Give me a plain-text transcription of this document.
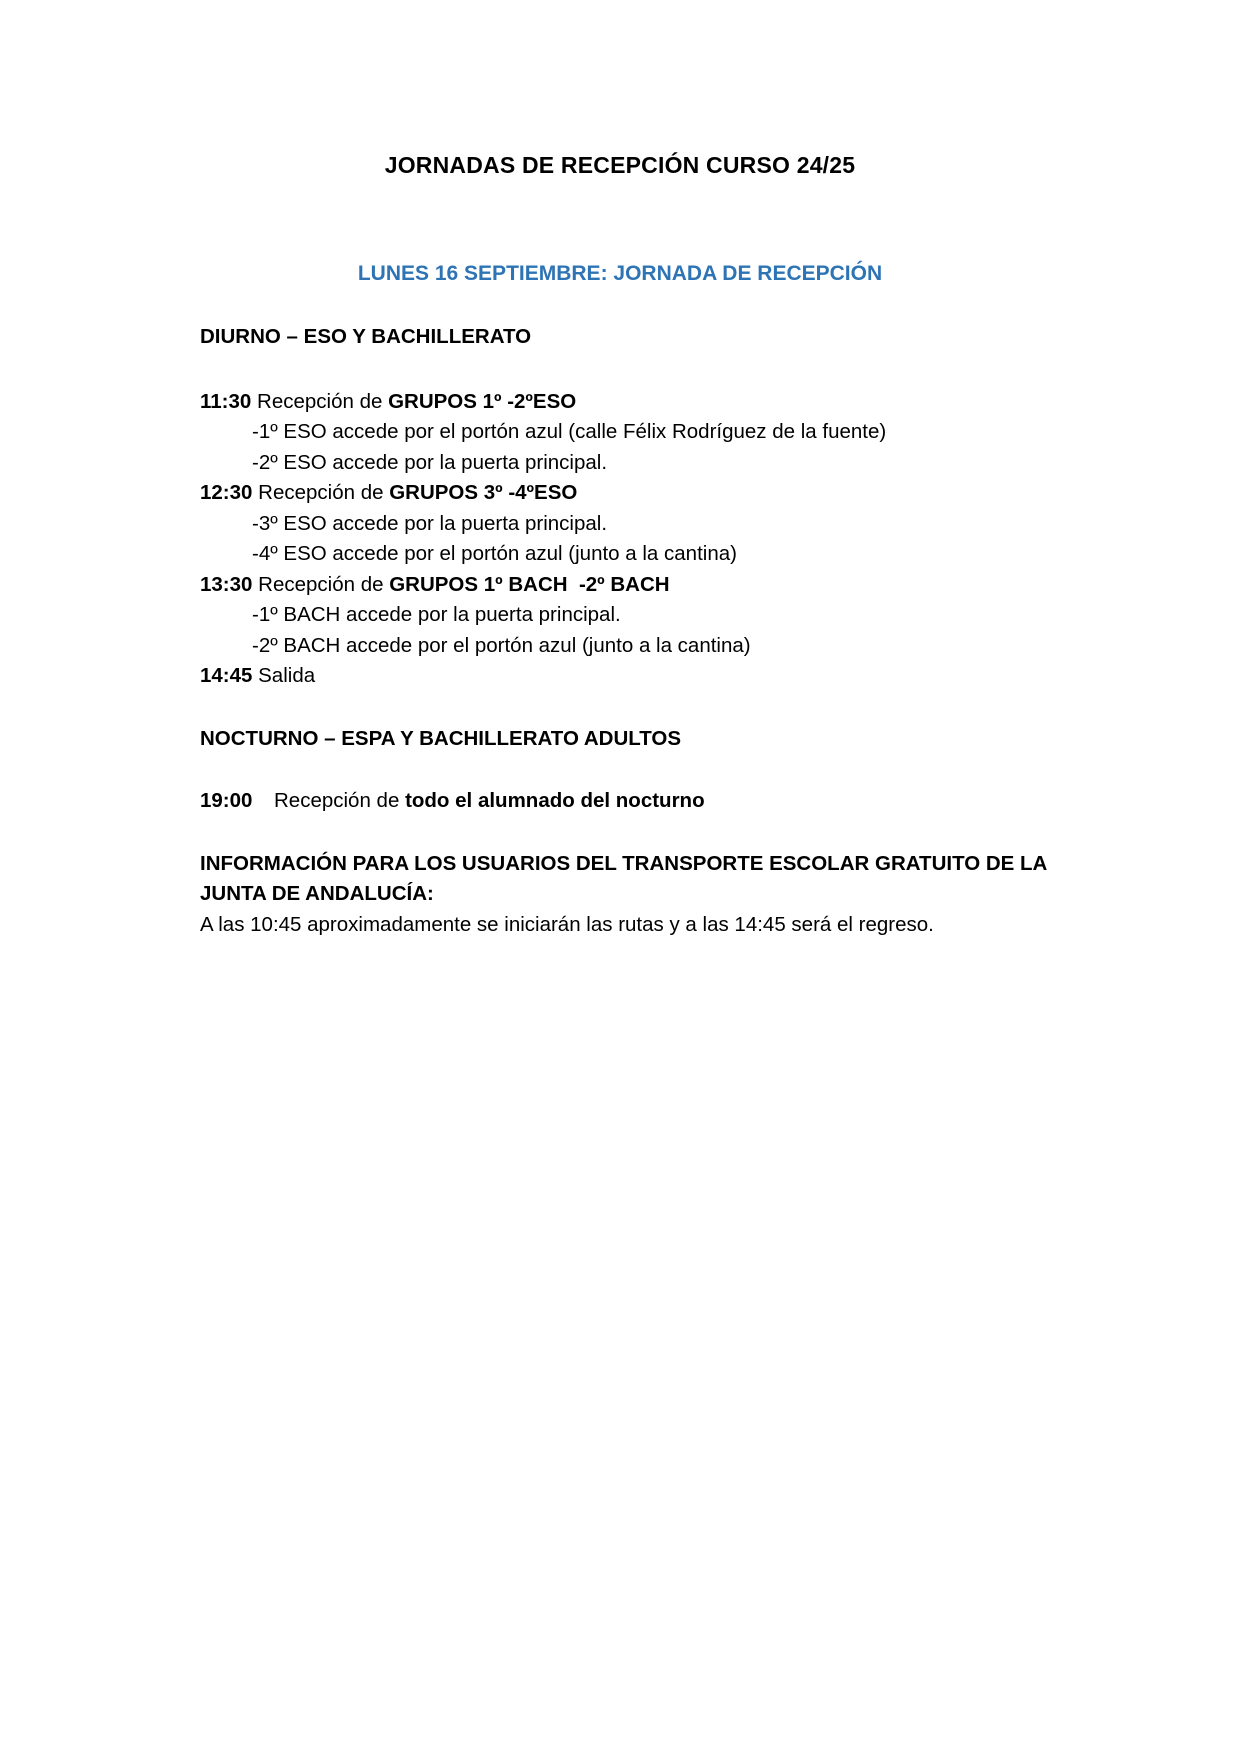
JORNADAS DE RECEPCIÓN CURSO 24/25
LUNES 16 SEPTIEMBRE: JORNADA DE RECEPCIÓN

DIURNO – ESO Y BACHILLERATO

11:30 Recepción de GRUPOS 1º -2ºESO

-1º ESO accede por el portón azul (calle Félix Rodríguez de la fuente)

-2º ESO accede por la puerta principal.

12:30 Recepción de GRUPOS 3º -4ºESO

-3º ESO accede por la puerta principal.

-4º ESO accede por el portón azul (junto a la cantina)

13:30 Recepción de GRUPOS 1º BACH  -2º BACH

-1º BACH accede por la puerta principal.

-2º BACH accede por el portón azul (junto a la cantina)

14:45 Salida

NOCTURNO – ESPA Y BACHILLERATO ADULTOS

19:00 Recepción de todo el alumnado del nocturno

INFORMACIÓN PARA LOS USUARIOS DEL TRANSPORTE ESCOLAR GRATUITO DE LA JUNTA DE ANDALUCÍA:

A las 10:45 aproximadamente se iniciarán las rutas y a las 14:45 será el regreso.
